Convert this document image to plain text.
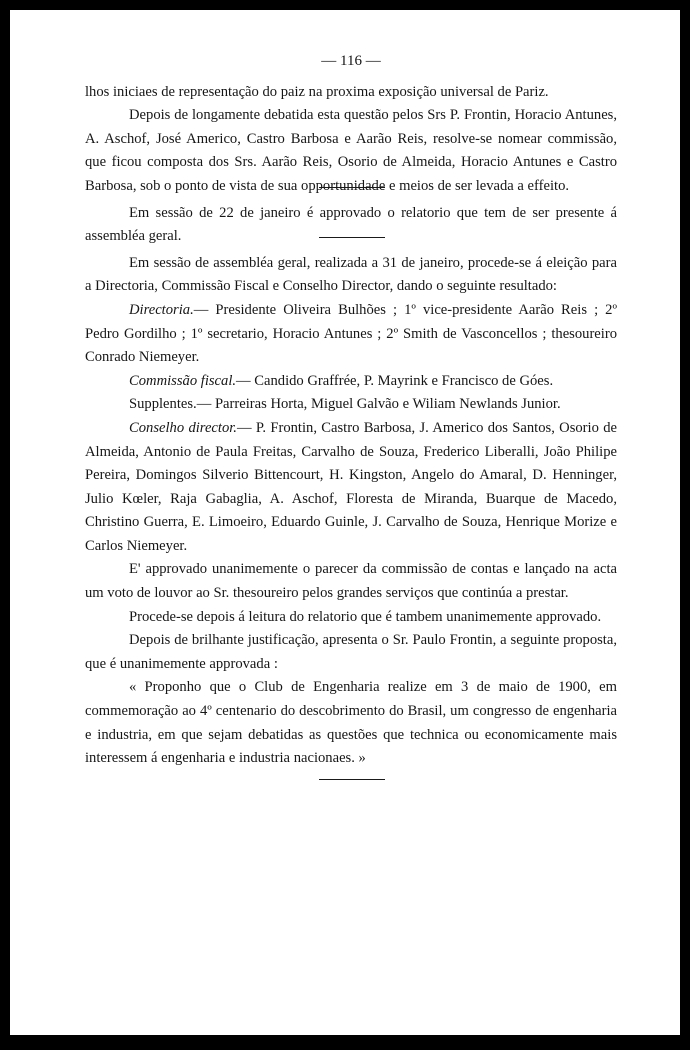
— 116 —

lhos iniciaes de representação do paiz na proxima exposição universal de Pariz.

Depois de longamente debatida esta questão pelos Srs P. Frontin, Horacio Antunes, A. Aschof, José Americo, Castro Barbosa e Aarão Reis, resolve-se nomear commissão, que ficou composta dos Srs. Aarão Reis, Osorio de Almeida, Horacio Antunes e Castro Barbosa, sob o ponto de vista de sua opportunidade e meios de ser levada a effeito.

Em sessão de 22 de janeiro é approvado o relatorio que tem de ser presente á assembléa geral.

Em sessão de assembléa geral, realizada a 31 de janeiro, procede-se á eleição para a Directoria, Commissão Fiscal e Conselho Director, dando o seguinte resultado:

Directoria.— Presidente Oliveira Bulhões ; 1º vice-presidente Aarão Reis ; 2º Pedro Gordilho ; 1º secretario, Horacio Antunes ; 2º Smith de Vasconcellos ; thesoureiro Conrado Niemeyer.

Commissão fiscal.— Candido Graffrée, P. Mayrink e Francisco de Góes.

Supplentes.— Parreiras Horta, Miguel Galvão e Wiliam Newlands Junior.

Conselho director.— P. Frontin, Castro Barbosa, J. Americo dos Santos, Osorio de Almeida, Antonio de Paula Freitas, Carvalho de Souza, Frederico Liberalli, João Philipe Pereira, Domingos Silverio Bittencourt, H. Kingston, Angelo do Amaral, D. Henninger, Julio Kœler, Raja Gabaglia, A. Aschof, Floresta de Miranda, Buarque de Macedo, Christino Guerra, E. Limoeiro, Eduardo Guinle, J. Carvalho de Souza, Henrique Morize e Carlos Niemeyer.

E' approvado unanimemente o parecer da commissão de contas e lançado na acta um voto de louvor ao Sr. thesoureiro pelos grandes serviços que continúa a prestar.

Procede-se depois á leitura do relatorio que é tambem unanimemente approvado.

Depois de brilhante justificação, apresenta o Sr. Paulo Frontin, a seguinte proposta, que é unanimemente approvada :

« Proponho que o Club de Engenharia realize em 3 de maio de 1900, em commemoração ao 4º centenario do descobrimento do Brasil, um congresso de engenharia e industria, em que sejam debatidas as questões que technica ou economicamente mais interessem á engenharia e industria nacionaes. »
